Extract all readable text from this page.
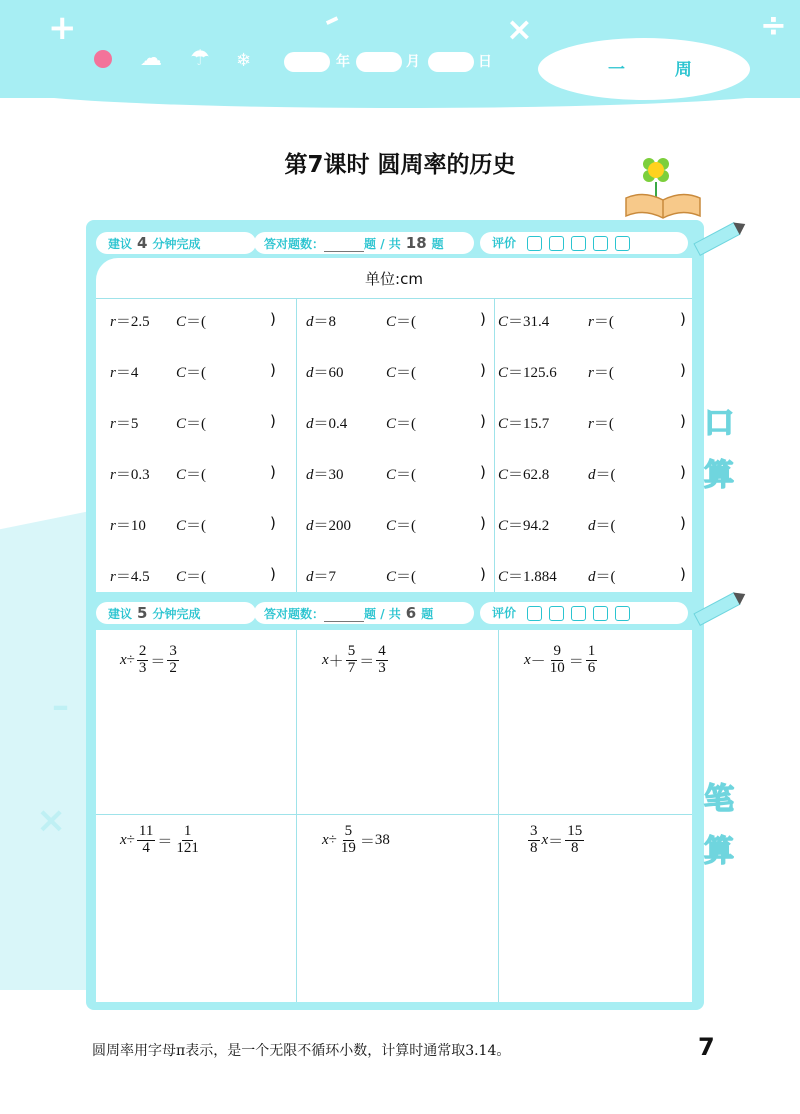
+	–	×	÷
☁ ☂ ❄	年	月	日	一 周
第7课时 圆周率的历史
–
×
建议 4 分钟完成	答对题数：	题 / 共 18 题	评价
单位:cm
r＝2.5 C＝(	) d＝8	C＝(	) C＝31.4	r＝(	)
r＝4	C＝(	) d＝60	C＝(	) C＝125.6 r＝(	)
r＝5	C＝(	) d＝0.4	C＝(	) C＝15.7	r＝(	)
r＝0.3 C＝(	) d＝30	C＝(	) C＝62.8	d＝(	)
r＝10 C＝(	) d＝200 C＝(	) C＝94.2	d＝(	)
r＝4.5 C＝(	) d＝7	C＝(	) C＝1.884 d＝(	)
口
算
建议 5 分钟完成	答对题数：	题 / 共 6 题	评价
$x \div \frac{2}{3} = \frac{3}{2}$	$x + \frac{5}{7} = \frac{4}{3}$	$x - \frac{9}{10} = \frac{1}{6}$
$x \div \frac{11}{4} = \frac{1}{121}$	$x \div \frac{5}{19} = 38$	$\frac{3}{8}$ $x = \frac{15}{8}$
笔
算
圆周率用字母π表示，是一个无限不循环小数，计算时通常取3.14。	7
